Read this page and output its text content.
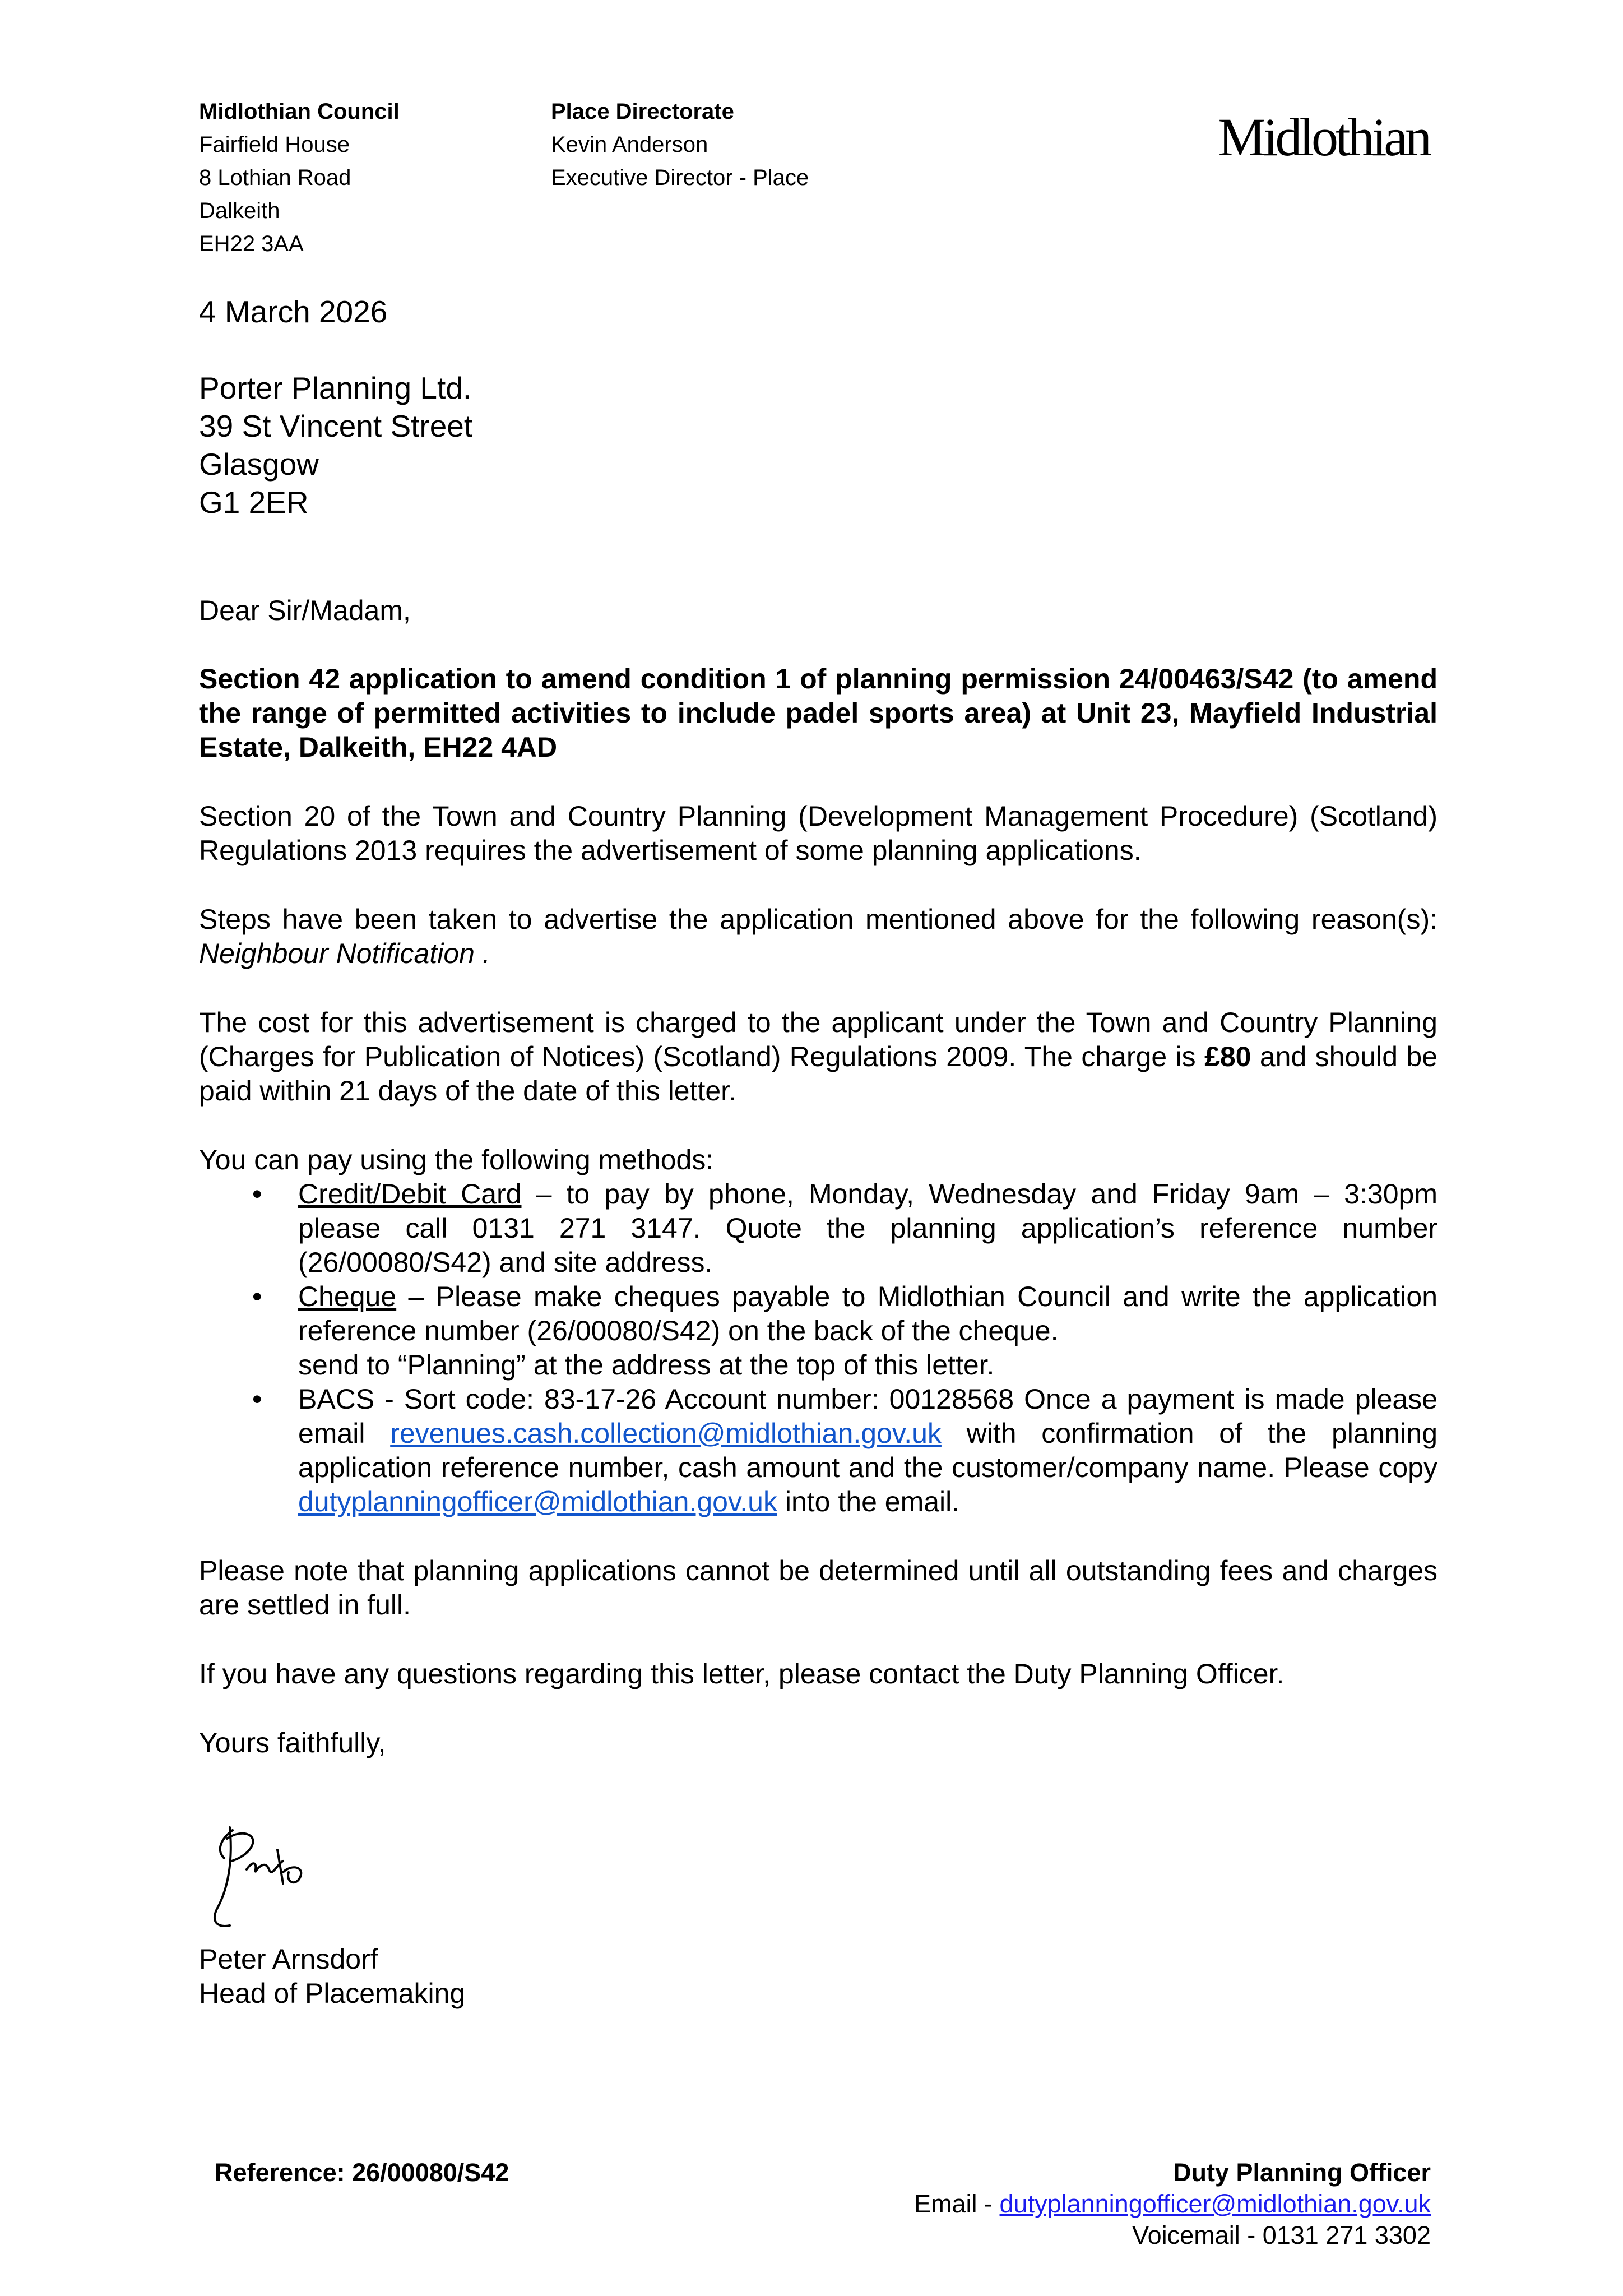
Midlothian Council
Fairfield House
8 Lothian Road
Dalkeith
EH22 3AA
Place Directorate
Kevin Anderson
Executive Director - Place
Midlothian
4 March 2026
Porter Planning Ltd.
39 St Vincent Street
Glasgow
G1 2ER

Dear Sir/Madam,

Section 42 application to amend condition 1 of planning permission 24/00463/S42 (to amend the range of permitted activities to include padel sports area) at Unit 23, Mayfield Industrial Estate, Dalkeith, EH22 4AD

Section 20 of the Town and Country Planning (Development Management Procedure) (Scotland) Regulations 2013 requires the advertisement of some planning applications.

Steps have been taken to advertise the application mentioned above for the following reason(s): Neighbour Notification .

The cost for this advertisement is charged to the applicant under the Town and Country Planning (Charges for Publication of Notices) (Scotland) Regulations 2009. The charge is £80 and should be paid within 21 days of the date of this letter.

You can pay using the following methods:

• Credit/Debit Card – to pay by phone, Monday, Wednesday and Friday 9am – 3:30pm please call 0131 271 3147. Quote the planning application’s reference number (26/00080/S42) and site address.
• Cheque – Please make cheques payable to Midlothian Council and write the application reference number (26/00080/S42) on the back of the cheque.
send to “Planning” at the address at the top of this letter.
• BACS - Sort code: 83-17-26 Account number: 00128568 Once a payment is made please email revenues.cash.collection@midlothian.gov.uk with confirmation of the planning application reference number, cash amount and the customer/company name. Please copy dutyplanningofficer@midlothian.gov.uk into the email.

Please note that planning applications cannot be determined until all outstanding fees and charges are settled in full.

If you have any questions regarding this letter, please contact the Duty Planning Officer.

Yours faithfully,

Peter Arnsdorf
Head of Placemaking
Reference: 26/00080/S42	Duty Planning Officer
Email - dutyplanningofficer@midlothian.gov.uk
Voicemail - 0131 271 3302
